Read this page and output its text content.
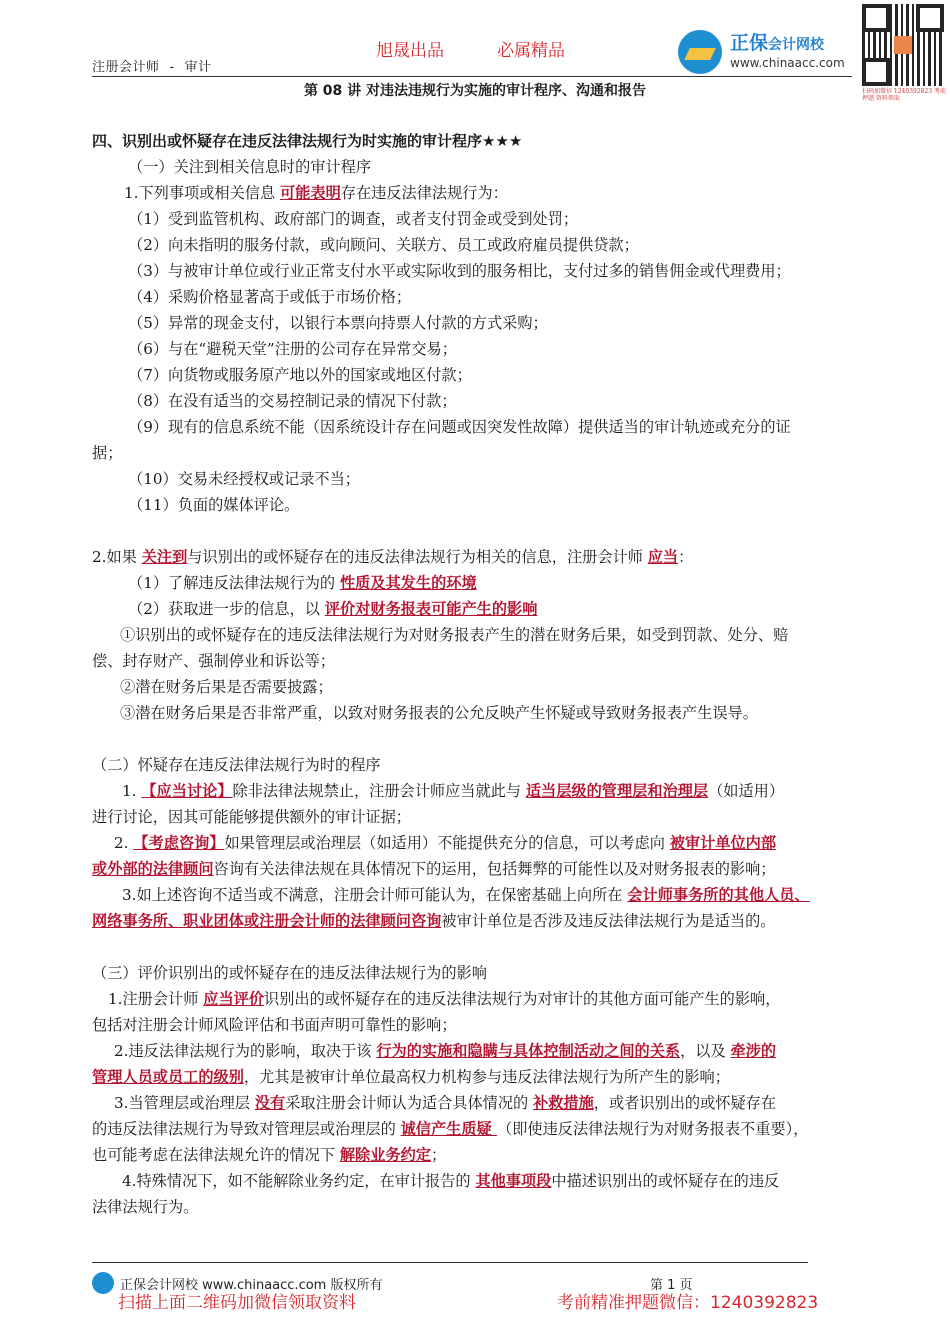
旭晟出品	必属精品
注册会计师 - 审计
正保会计网校
www.chinaacc.com
扫码加微信 1240392823 考前押题 资料领取
第 08 讲 对违法违规行为实施的审计程序、沟通和报告
四、识别出或怀疑存在违反法律法规行为时实施的审计程序★★★
（一）关注到相关信息时的审计程序
1.下列事项或相关信息 可能表明存在违反法律法规行为：
（1）受到监管机构、政府部门的调查，或者支付罚金或受到处罚；
（2）向未指明的服务付款，或向顾问、关联方、员工或政府雇员提供贷款；
（3）与被审计单位或行业正常支付水平或实际收到的服务相比，支付过多的销售佣金或代理费用；
（4）采购价格显著高于或低于市场价格；
（5）异常的现金支付，以银行本票向持票人付款的方式采购；
（6）与在“避税天堂”注册的公司存在异常交易；
（7）向货物或服务原产地以外的国家或地区付款；
（8）在没有适当的交易控制记录的情况下付款；
（9）现有的信息系统不能（因系统设计存在问题或因突发性故障）提供适当的审计轨迹或充分的证
据；
（10）交易未经授权或记录不当；
（11）负面的媒体评论。
2.如果 关注到与识别出的或怀疑存在的违反法律法规行为相关的信息，注册会计师 应当：
（1）了解违反法律法规行为的 性质及其发生的环境
（2）获取进一步的信息，以 评价对财务报表可能产生的影响
①识别出的或怀疑存在的违反法律法规行为对财务报表产生的潜在财务后果，如受到罚款、处分、赔
偿、封存财产、强制停业和诉讼等；
②潜在财务后果是否需要披露；
③潜在财务后果是否非常严重，以致对财务报表的公允反映产生怀疑或导致财务报表产生误导。
（二）怀疑存在违反法律法规行为时的程序
1. 【应当讨论】除非法律法规禁止，注册会计师应当就此与 适当层级的管理层和治理层（如适用）
进行讨论，因其可能能够提供额外的审计证据；
2. 【考虑咨询】如果管理层或治理层（如适用）不能提供充分的信息，可以考虑向 被审计单位内部
或外部的法律顾问咨询有关法律法规在具体情况下的运用，包括舞弊的可能性以及对财务报表的影响；
3.如上述咨询不适当或不满意，注册会计师可能认为，在保密基础上向所在 会计师事务所的其他人员、
网络事务所、职业团体或注册会计师的法律顾问咨询被审计单位是否涉及违反法律法规行为是适当的。
（三）评价识别出的或怀疑存在的违反法律法规行为的影响
1.注册会计师 应当评价识别出的或怀疑存在的违反法律法规行为对审计的其他方面可能产生的影响，
包括对注册会计师风险评估和书面声明可靠性的影响；
2.违反法律法规行为的影响，取决于该 行为的实施和隐瞒与具体控制活动之间的关系，以及 牵涉的
管理人员或员工的级别，尤其是被审计单位最高权力机构参与违反法律法规行为所产生的影响；
3.当管理层或治理层 没有采取注册会计师认为适合具体情况的 补救措施，或者识别出的或怀疑存在
的违反法律法规行为导致对管理层或治理层的 诚信产生质疑 （即使违反法律法规行为对财务报表不重要），
也可能考虑在法律法规允许的情况下 解除业务约定；
4.特殊情况下，如不能解除业务约定，在审计报告的 其他事项段中描述识别出的或怀疑存在的违反
法律法规行为。
正保会计网校 www.chinaacc.com 版权所有	第 1 页
扫描上面二维码加微信领取资料	考前精准押题微信：1240392823
